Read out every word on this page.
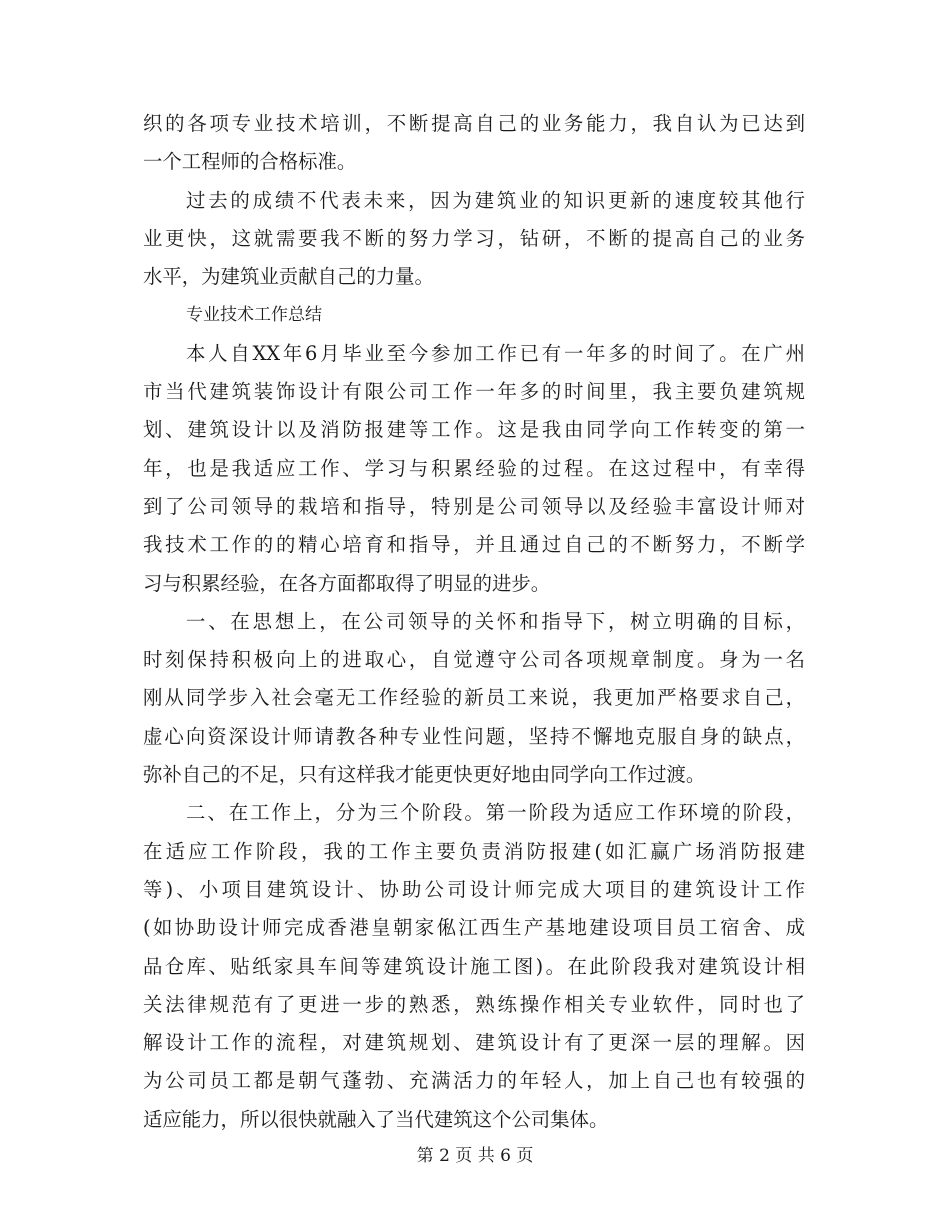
织的各项专业技术培训，不断提高自己的业务能力，我自认为已达到
一个工程师的合格标准。
过去的成绩不代表未来，因为建筑业的知识更新的速度较其他行
业更快，这就需要我不断的努力学习，钻研，不断的提高自己的业务
水平，为建筑业贡献自己的力量。
专业技术工作总结
本人自XX年6月毕业至今参加工作已有一年多的时间了。在广州
市当代建筑装饰设计有限公司工作一年多的时间里，我主要负建筑规
划、建筑设计以及消防报建等工作。这是我由同学向工作转变的第一
年，也是我适应工作、学习与积累经验的过程。在这过程中，有幸得
到了公司领导的栽培和指导，特别是公司领导以及经验丰富设计师对
我技术工作的的精心培育和指导，并且通过自己的不断努力，不断学
习与积累经验，在各方面都取得了明显的进步。
一、在思想上，在公司领导的关怀和指导下，树立明确的目标，
时刻保持积极向上的进取心，自觉遵守公司各项规章制度。身为一名
刚从同学步入社会毫无工作经验的新员工来说，我更加严格要求自己，
虚心向资深设计师请教各种专业性问题，坚持不懈地克服自身的缺点，
弥补自己的不足，只有这样我才能更快更好地由同学向工作过渡。
二、在工作上，分为三个阶段。第一阶段为适应工作环境的阶段，
在适应工作阶段，我的工作主要负责消防报建(如汇赢广场消防报建
等)、小项目建筑设计、协助公司设计师完成大项目的建筑设计工作
(如协助设计师完成香港皇朝家俬江西生产基地建设项目员工宿舍、成
品仓库、贴纸家具车间等建筑设计施工图)。在此阶段我对建筑设计相
关法律规范有了更进一步的熟悉，熟练操作相关专业软件，同时也了
解设计工作的流程，对建筑规划、建筑设计有了更深一层的理解。因
为公司员工都是朝气蓬勃、充满活力的年轻人，加上自己也有较强的
适应能力，所以很快就融入了当代建筑这个公司集体。
第 2 页 共 6 页
